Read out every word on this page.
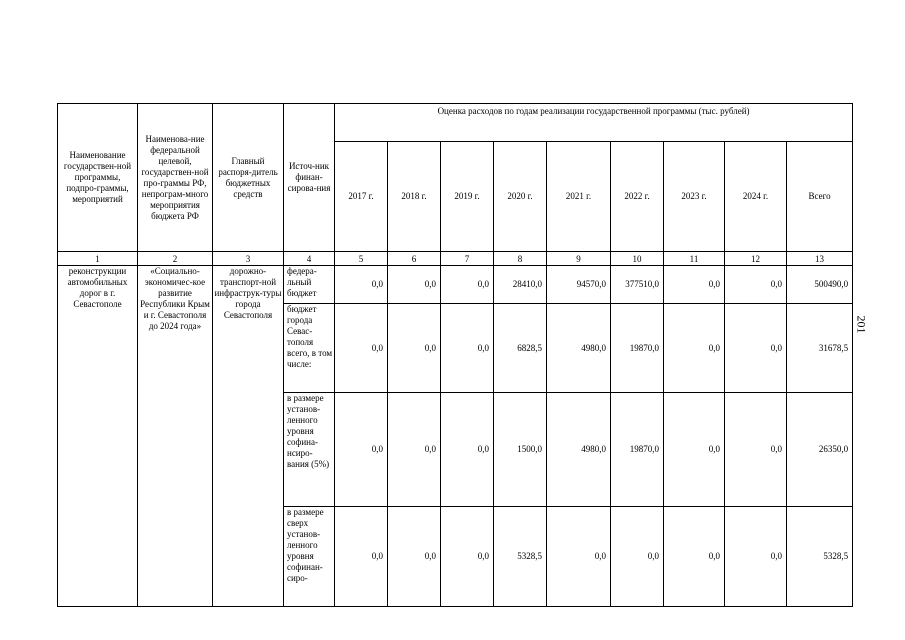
Наименование государствен-ной программы, подпро-граммы, мероприятий	Наименова-ние федеральной целевой, государствен-ной про-граммы РФ, непрограм-много мероприятия бюджета РФ	Главный распоря-дитель бюджетных средств	Источ-ник финан-сирова-ния	Оценка расходов по годам реализации государственной программы (тыс. рублей)								
				2017 г.	2018 г.	2019 г.	2020 г.	2021 г.	2022 г.	2023 г.	2024 г.	Всего
1	2	3	4	5	6	7	8	9	10	11	12	13
реконструкции автомобильных дорог в г. Севастополе	«Социально-экономичес-кое развитие Республики Крым и г. Севастополя до 2024 года»	дорожно-транспорт-ной инфраструк-туры города Севастополя	федера-льный бюджет	0,0	0,0	0,0	28410,0	94570,0	377510,0	0,0	0,0	500490,0
			бюджет города Севас-тополя всего, в том числе:	0,0	0,0	0,0	6828,5	4980,0	19870,0	0,0	0,0	31678,5
			в размере установ-ленного уровня софина-нсиро-вания (5%)	0,0	0,0	0,0	1500,0	4980,0	19870,0	0,0	0,0	26350,0
			в размере сверх установ-ленного уровня софинан-сиро-	0,0	0,0	0,0	5328,5	0,0	0,0	0,0	0,0	5328,5
201
